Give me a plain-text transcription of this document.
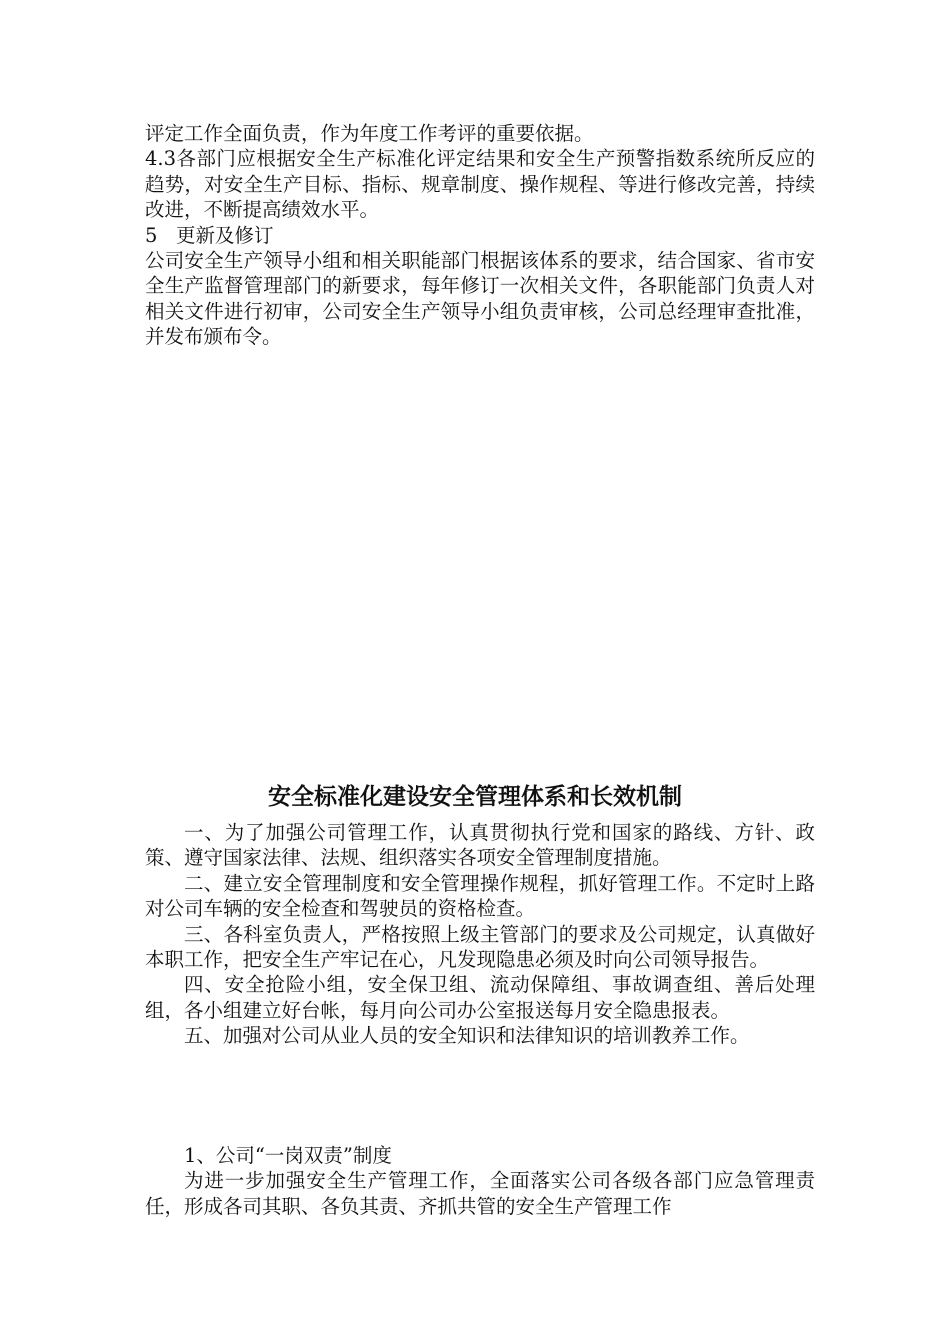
评定工作全面负责，作为年度工作考评的重要依据。

4.3各部门应根据安全生产标准化评定结果和安全生产预警指数系统所反应的趋势，对安全生产目标、指标、规章制度、操作规程、等进行修改完善，持续改进，不断提高绩效水平。

5   更新及修订

公司安全生产领导小组和相关职能部门根据该体系的要求，结合国家、省市安全生产监督管理部门的新要求，每年修订一次相关文件，各职能部门负责人对相关文件进行初审，公司安全生产领导小组负责审核，公司总经理审查批准，并发布颁布令。

安全标准化建设安全管理体系和长效机制

一、为了加强公司管理工作，认真贯彻执行党和国家的路线、方针、政策、遵守国家法律、法规、组织落实各项安全管理制度措施。

二、建立安全管理制度和安全管理操作规程，抓好管理工作。不定时上路对公司车辆的安全检查和驾驶员的资格检查。

三、各科室负责人，严格按照上级主管部门的要求及公司规定，认真做好本职工作，把安全生产牢记在心，凡发现隐患必须及时向公司领导报告。

四、安全抢险小组，安全保卫组、流动保障组、事故调查组、善后处理组，各小组建立好台帐，每月向公司办公室报送每月安全隐患报表。

五、加强对公司从业人员的安全知识和法律知识的培训教养工作。

1、公司“一岗双责”制度

为进一步加强安全生产管理工作，全面落实公司各级各部门应急管理责任，形成各司其职、各负其责、齐抓共管的安全生产管理工作
